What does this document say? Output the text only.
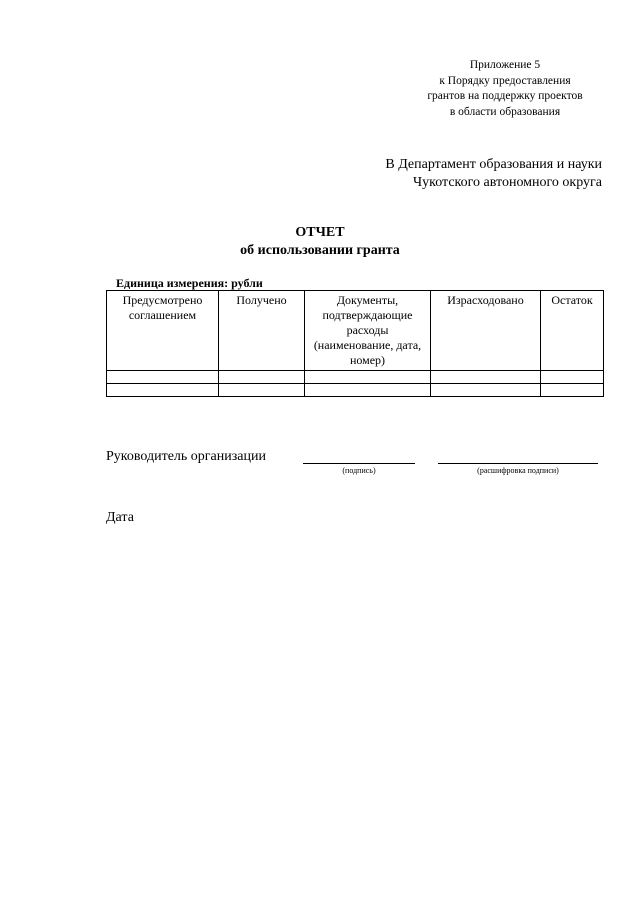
Приложение 5
к Порядку предоставления
грантов на поддержку проектов
в области образования
В Департамент образования и науки
Чукотского автономного округа
ОТЧЕТ
об использовании гранта
Единица измерения: рубли
Предусмотрено соглашением	Получено	Документы, подтверждающие расходы (наименование, дата, номер)	Израсходовано	Остаток

Руководитель организации
(подпись)	(расшифровка подписи)
Дата
